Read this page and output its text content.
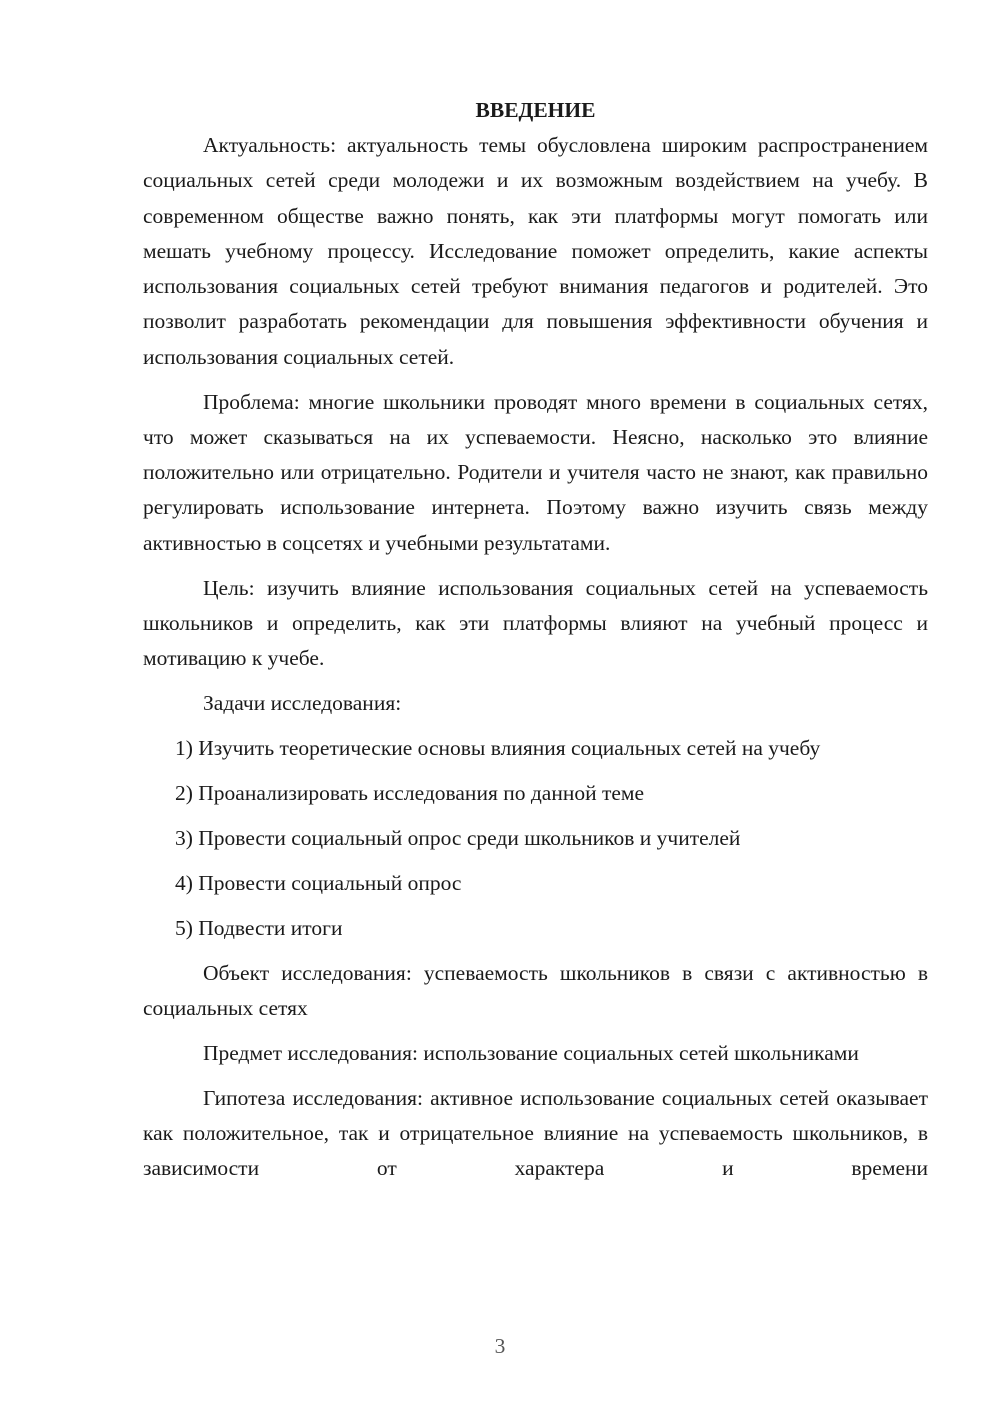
ВВЕДЕНИЕ

Актуальность: актуальность темы обусловлена широким распространением социальных сетей среди молодежи и их возможным воздействием на учебу. В современном обществе важно понять, как эти платформы могут помогать или мешать учебному процессу. Исследование поможет определить, какие аспекты использования социальных сетей требуют внимания педагогов и родителей. Это позволит разработать рекомендации для повышения эффективности обучения и использования социальных сетей.

Проблема: многие школьники проводят много времени в социальных сетях, что может сказываться на их успеваемости. Неясно, насколько это влияние положительно или отрицательно. Родители и учителя часто не знают, как правильно регулировать использование интернета. Поэтому важно изучить связь между активностью в соцсетях и учебными результатами.

Цель: изучить влияние использования социальных сетей на успеваемость школьников и определить, как эти платформы влияют на учебный процесс и мотивацию к учебе.

Задачи исследования:
1) Изучить теоретические основы влияния социальных сетей на учебу
2) Проанализировать исследования по данной теме
3) Провести социальный опрос среди школьников и учителей
4) Провести социальный опрос
5) Подвести итоги

Объект исследования: успеваемость школьников в связи с активностью в социальных сетях

Предмет исследования: использование социальных сетей школьниками

Гипотеза исследования: активное использование социальных сетей оказывает как положительное, так и отрицательное влияние на успеваемость школьников, в зависимости от характера и времени

3
